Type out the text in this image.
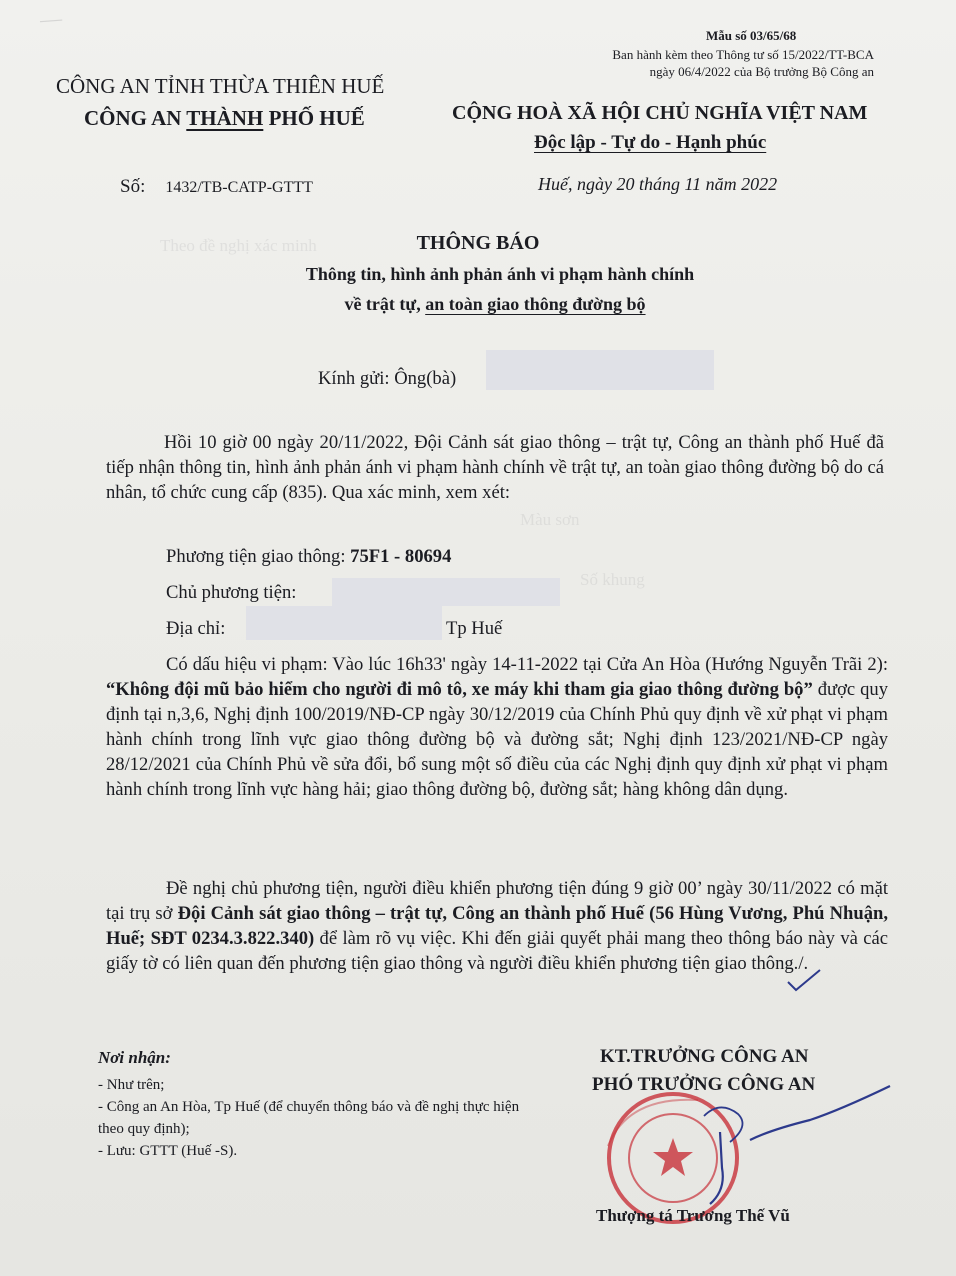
—
Theo đề nghị xác minh
Màu sơn
Số khung
Mẫu số 03/65/68
Ban hành kèm theo Thông tư số 15/2022/TT-BCA
ngày 06/4/2022 của Bộ trưởng Bộ Công an
CÔNG AN TỈNH THỪA THIÊN HUẾ
CÔNG AN THÀNH PHỐ HUẾ	CỘNG HOÀ XÃ HỘI CHỦ NGHĨA VIỆT NAM
Độc lập - Tự do - Hạnh phúc
Số: 1432/TB-CATP-GTTT	Huế, ngày 20 tháng 11 năm 2022
THÔNG BÁO
Thông tin, hình ảnh phản ánh vi phạm hành chính
về trật tự, an toàn giao thông đường bộ
Kính gửi: Ông(bà)
Hồi 10 giờ 00 ngày 20/11/2022, Đội Cảnh sát giao thông – trật tự, Công an thành phố Huế đã tiếp nhận thông tin, hình ảnh phản ánh vi phạm hành chính về trật tự, an toàn giao thông đường bộ do cá nhân, tổ chức cung cấp (835). Qua xác minh, xem xét:
Phương tiện giao thông: 75F1 - 80694
Chủ phương tiện:
Địa chỉ:	Tp Huế
Có dấu hiệu vi phạm: Vào lúc 16h33' ngày 14-11-2022 tại Cửa An Hòa (Hướng Nguyễn Trãi 2): “Không đội mũ bảo hiểm cho người đi mô tô, xe máy khi tham gia giao thông đường bộ” được quy định tại n,3,6, Nghị định 100/2019/NĐ-CP ngày 30/12/2019 của Chính Phủ quy định về xử phạt vi phạm hành chính trong lĩnh vực giao thông đường bộ và đường sắt; Nghị định 123/2021/NĐ-CP ngày 28/12/2021 của Chính Phủ về sửa đổi, bổ sung một số điều của các Nghị định quy định xử phạt vi phạm hành chính trong lĩnh vực hàng hải; giao thông đường bộ, đường sắt; hàng không dân dụng.
Đề nghị chủ phương tiện, người điều khiển phương tiện đúng 9 giờ 00’ ngày 30/11/2022 có mặt tại trụ sở Đội Cảnh sát giao thông – trật tự, Công an thành phố Huế (56 Hùng Vương, Phú Nhuận, Huế; SĐT 0234.3.822.340) để làm rõ vụ việc. Khi đến giải quyết phải mang theo thông báo này và các giấy tờ có liên quan đến phương tiện giao thông và người điều khiển phương tiện giao thông./.
Nơi nhận:
- Như trên;
- Công an An Hòa, Tp Huế (để chuyển thông báo và đề nghị thực hiện theo quy định);
- Lưu: GTTT (Huế -S).
KT.TRƯỞNG CÔNG AN
PHÓ TRƯỞNG CÔNG AN
Thượng tá Trương Thế Vũ
